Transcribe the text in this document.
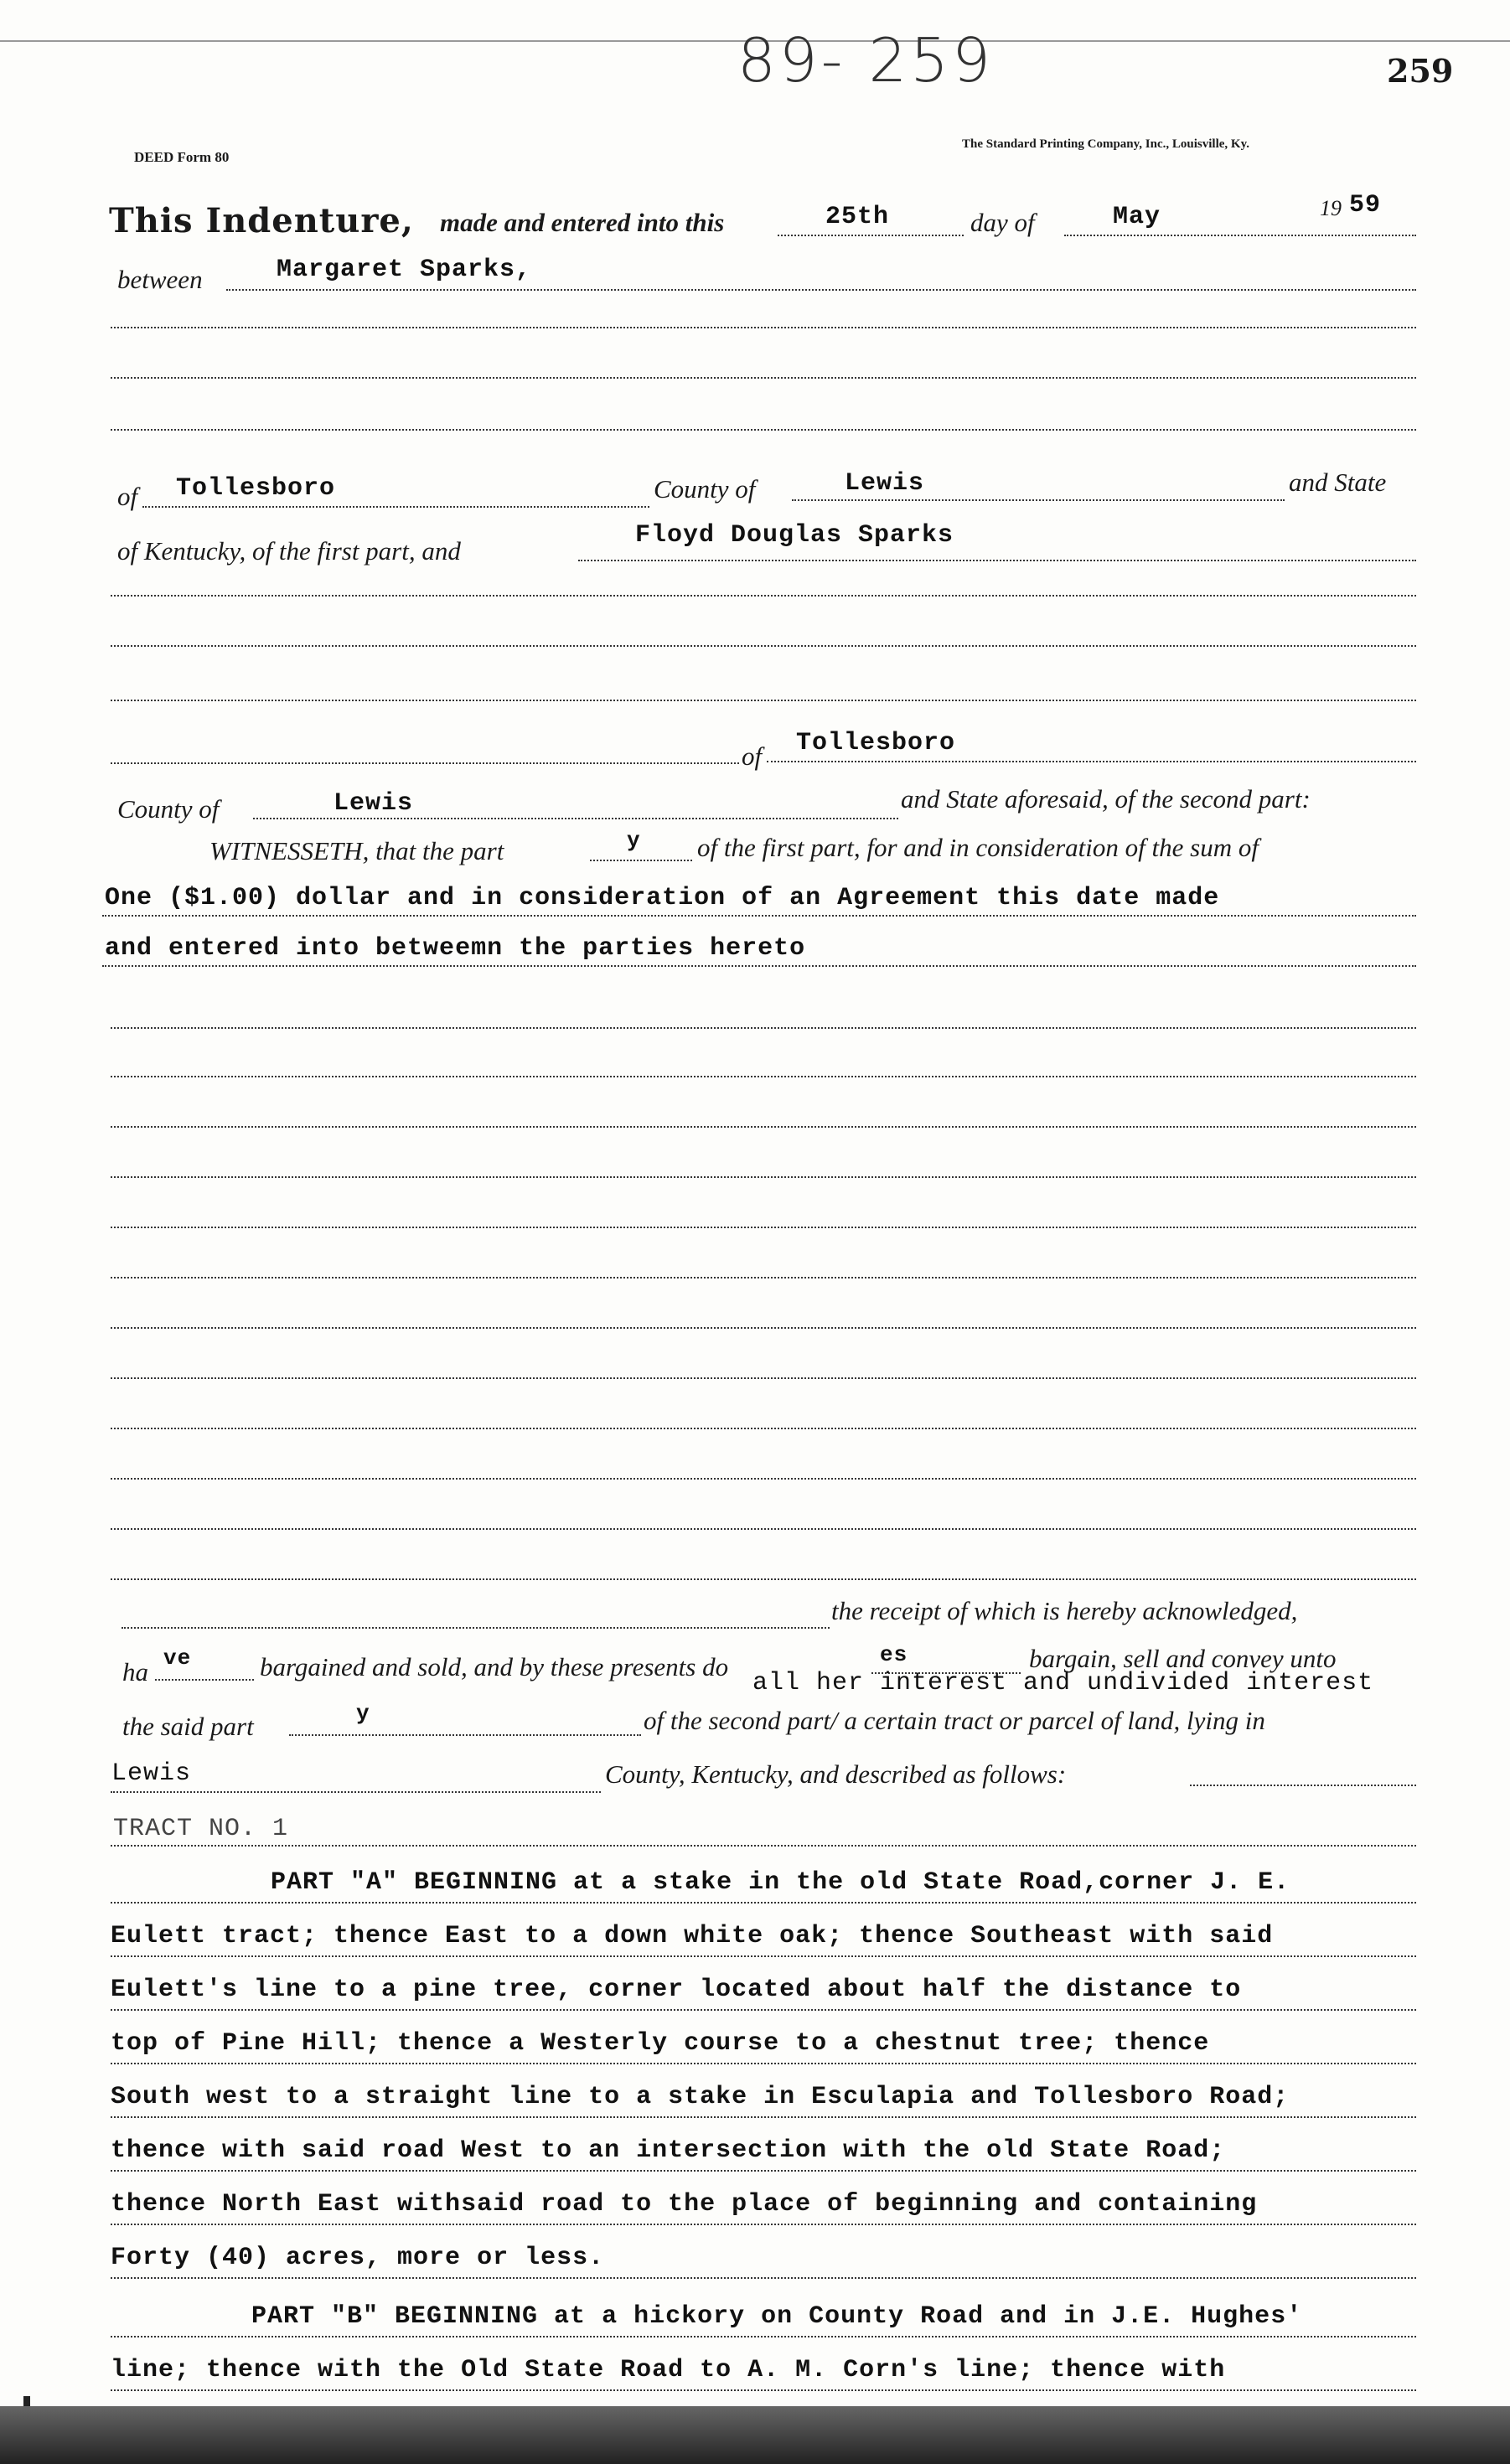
89- 259	259
DEED Form 80
The Standard Printing Company, Inc., Louisville, Ky.
This Indenture, made and entered into this	25th	day of	May	19 59
between	Margaret Sparks,
of Tollesboro	County of	Lewis	and State
of Kentucky, of the first part, and
Floyd Douglas Sparks
of Tollesboro
County of	Lewis	and State aforesaid, of the second part:
WITNESSETH, that the part	y of the first part, for and in consideration of the sum of
One ($1.00) dollar and in consideration of an Agreement this date made
and entered into betweemn the parties hereto
the receipt of which is hereby acknowledged,
ha ve	bargained and sold, and by these presents do	es	bargain, sell and convey unto
all her interest and undivided interest
the said part	y	of the second part/ a certain tract or parcel of land, lying in
Lewis	County, Kentucky, and described as follows:
TRACT NO. 1
PART "A" BEGINNING at a stake in the old State Road,corner J. E.
Eulett tract; thence East to a down white oak; thence Southeast with said
Eulett's line to a pine tree, corner located about half the distance to
top of Pine Hill; thence a Westerly course to a chestnut tree; thence
South west to a straight line to a stake in Esculapia and Tollesboro Road;
thence with said road West to an intersection with the old State Road;
thence North East withsaid road to the place of beginning and containing
Forty (40) acres, more or less.
PART "B" BEGINNING at a hickory on County Road and in J.E. Hughes'
line; thence with the Old State Road to A. M. Corn's line; thence with
